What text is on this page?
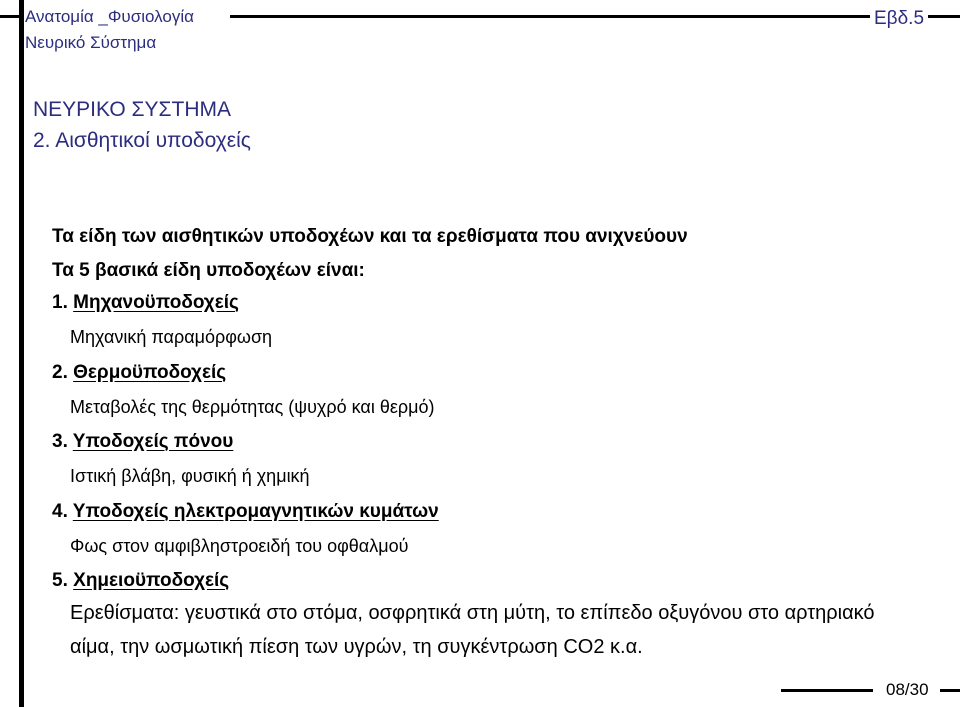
Ανατομία _Φυσιολογία
Νευρικό Σύστημα
Εβδ.5
ΝΕΥΡΙΚΟ ΣΥΣΤΗΜΑ
2. Αισθητικοί υποδοχείς
Τα είδη των αισθητικών υποδοχέων και τα ερεθίσματα που ανιχνεύουν
Τα 5 βασικά είδη υποδοχέων είναι:
1. Μηχανοϋποδοχείς
Μηχανική παραμόρφωση
2. Θερμοϋποδοχείς
Μεταβολές της θερμότητας (ψυχρό και θερμό)
3. Υποδοχείς πόνου
Ιστική βλάβη, φυσική ή χημική
4. Υποδοχείς ηλεκτρομαγνητικών κυμάτων
Φως στον αμφιβληστροειδή του οφθαλμού
5. Χημειοϋποδοχείς
Ερεθίσματα: γευστικά στο στόμα, οσφρητικά στη μύτη, το επίπεδο οξυγόνου στο αρτηριακό
αίμα, την ωσμωτική πίεση των υγρών, τη συγκέντρωση CO2 κ.α.
08/30
